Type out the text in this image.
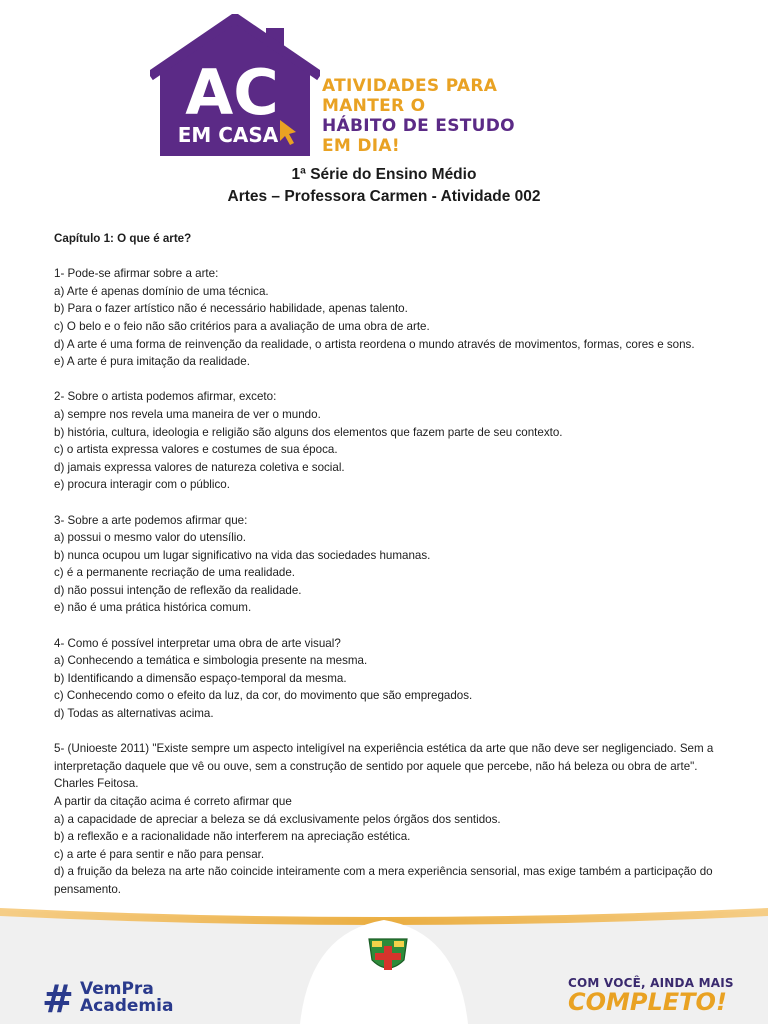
AC
EM CASA
ATIVIDADES PARA
MANTER O
HÁBITO DE ESTUDO
EM DIA!
1ª Série do Ensino Médio
Artes – Professora Carmen - Atividade 002
Capítulo 1: O que é arte?
1- Pode-se afirmar sobre a arte:
a) Arte é apenas domínio de uma técnica.
b) Para o fazer artístico não é necessário habilidade, apenas talento.
c) O belo e o feio não são critérios para a avaliação de uma obra de arte.
d) A arte é uma forma de reinvenção da realidade, o artista reordena o mundo através de movimentos, formas, cores e sons.
e) A arte é pura imitação da realidade.
2- Sobre o artista podemos afirmar, exceto:
a) sempre nos revela uma maneira de ver o mundo.
b) história, cultura, ideologia e religião são alguns dos elementos que fazem parte de seu contexto.
c) o artista expressa valores e costumes de sua época.
d) jamais expressa valores de natureza coletiva e social.
e) procura interagir com o público.
3- Sobre a arte podemos afirmar que:
a) possui o mesmo valor do utensílio.
b) nunca ocupou um lugar significativo na vida das sociedades humanas.
c) é a permanente recriação de uma realidade.
d) não possui intenção de reflexão da realidade.
e) não é uma prática histórica comum.
4- Como é possível interpretar uma obra de arte visual?
a) Conhecendo a temática e simbologia presente na mesma.
b) Identificando a dimensão espaço-temporal da mesma.
c) Conhecendo como o efeito da luz, da cor, do movimento que são empregados.
d) Todas as alternativas acima.
5- (Unioeste 2011) "Existe sempre um aspecto inteligível na experiência estética da arte que não deve ser negligenciado. Sem a interpretação daquele que vê ou ouve, sem a construção de sentido por aquele que percebe, não há beleza ou obra de arte". Charles Feitosa.
A partir da citação acima é correto afirmar que
a) a capacidade de apreciar a beleza se dá exclusivamente pelos órgãos dos sentidos.
b) a reflexão e a racionalidade não interferem na apreciação estética.
c) a arte é para sentir e não para pensar.
d) a fruição da beleza na arte não coincide inteiramente com a mera experiência sensorial, mas exige também a participação do pensamento.
# VemPra
Academia
COM VOCÊ, AINDA MAIS
COMPLETO!
